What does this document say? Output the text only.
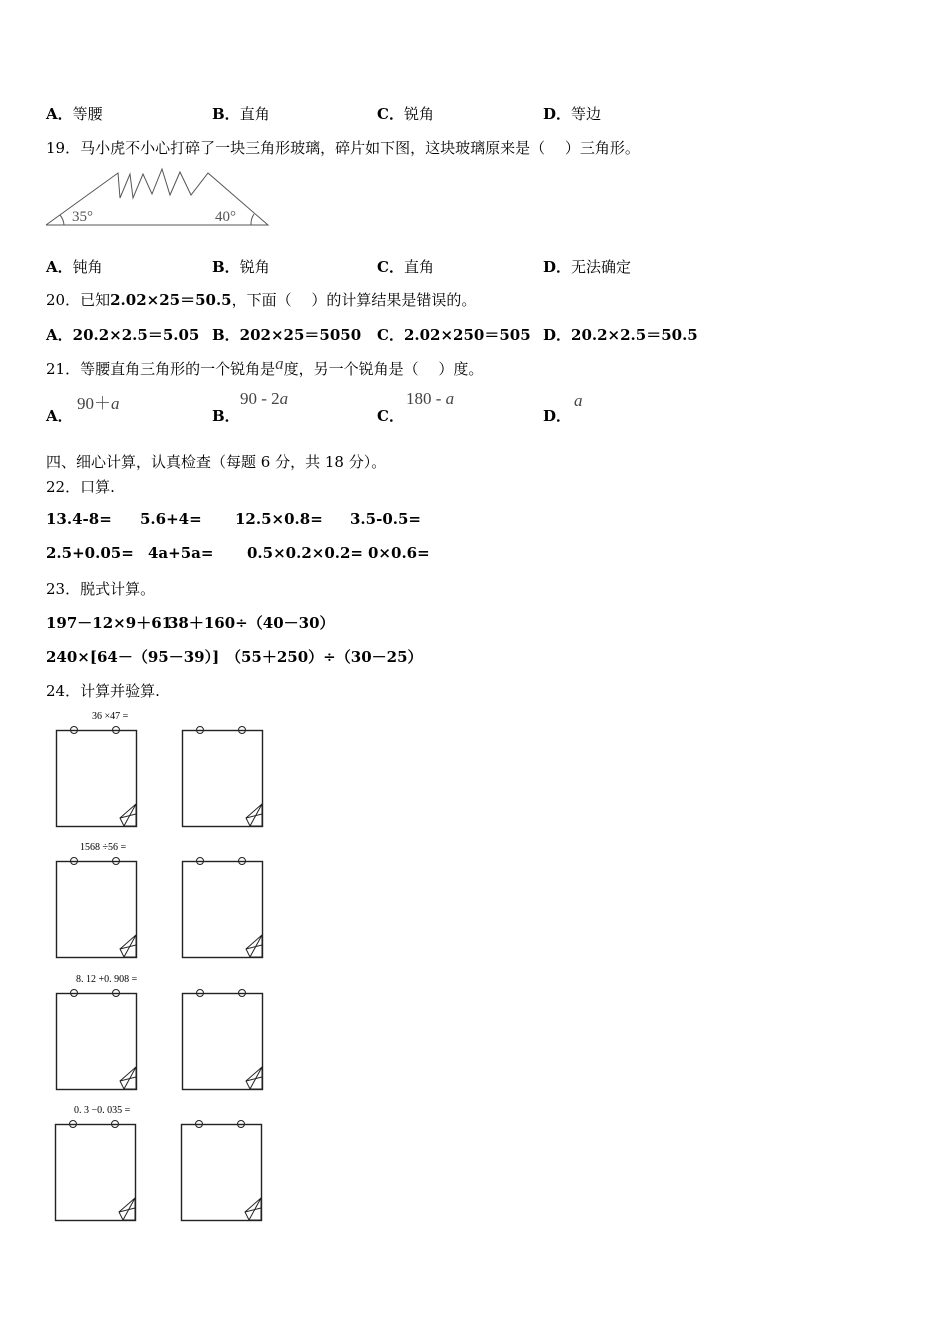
A．等腰	B．直角	C．锐角	D．等边
19．马小虎不小心打碎了一块三角形玻璃，碎片如下图，这块玻璃原来是（　 ）三角形。
35°	40°
A．钝角	B．锐角	C．直角	D．无法确定
20．已知2.02×25＝50.5，下面（　 ）的计算结果是错误的。
A．20.2×2.5＝5.05 B．202×25＝5050 C．2.02×250＝505 D．20.2×2.5＝50.5
21．等腰直角三角形的一个锐角是a度，另一个锐角是（　 ）度。
A．
90＋a
B．
90 - 2a
C．
180 - a
D．
a
四、细心计算，认真检查（每题 6 分，共 18 分）。
22．口算.
13.4-8= 5.6+4= 12.5×0.8= 3.5-0.5=
2.5+0.05= 4a+5a= 0.5×0.2×0.2= 0×0.6=
23．脱式计算。
197－12×9＋61
38＋160÷（40－30）
240×[64－（95－39）] （55＋250）÷（30－25）
24．计算并验算.
36 ×47 =
1568 ÷56 =
8. 12 +0. 908 =
0. 3 −0. 035 =
